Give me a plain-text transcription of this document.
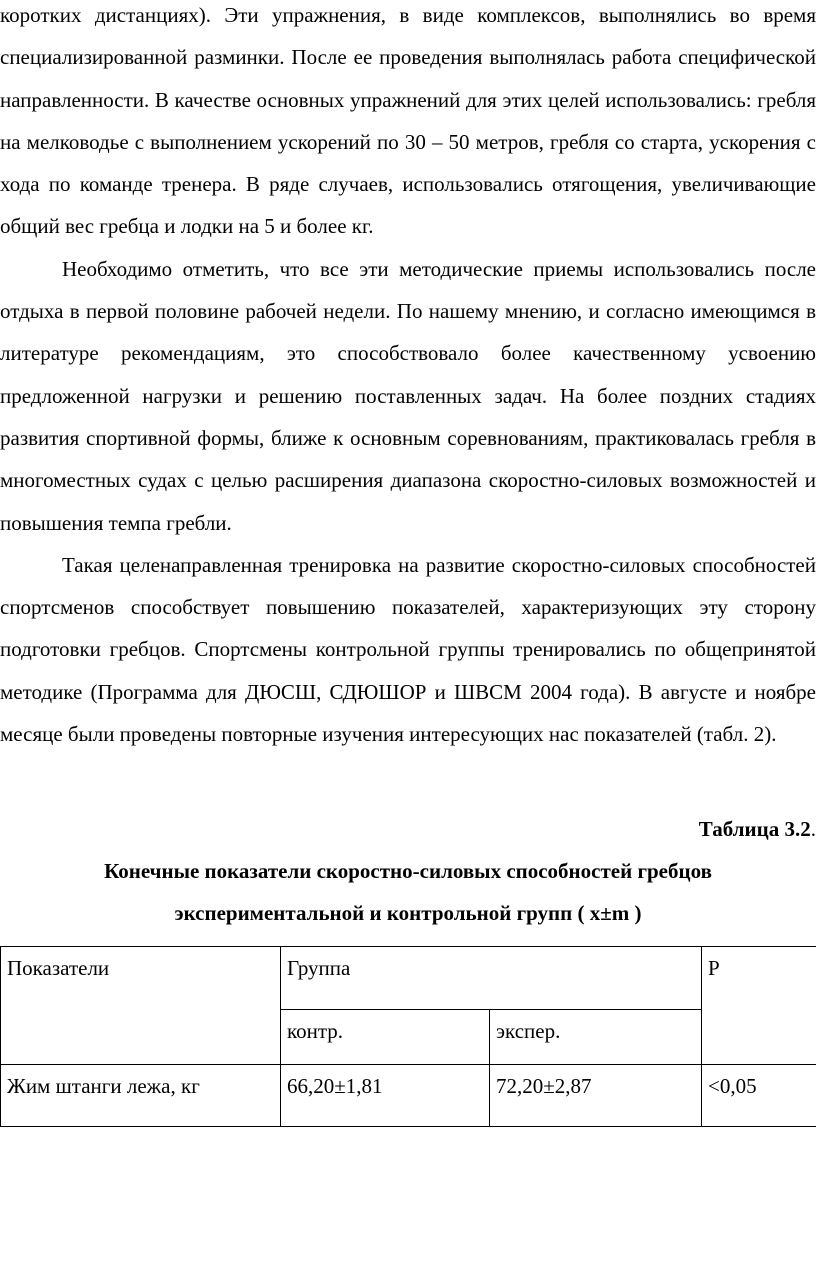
коротких дистанциях). Эти упражнения, в виде комплексов, выполнялись во время специализированной разминки. После ее проведения выполнялась работа специфической направленности. В качестве основных упражнений для этих целей использовались: гребля на мелководье с выполнением ускорений по 30 – 50 метров, гребля со старта, ускорения с хода по команде тренера. В ряде случаев, использовались отягощения, увеличивающие общий вес гребца и лодки на 5 и более кг.

Необходимо отметить, что все эти методические приемы использовались после отдыха в первой половине рабочей недели. По нашему мнению, и согласно имеющимся в литературе рекомендациям, это способствовало более качественному усвоению предложенной нагрузки и решению поставленных задач. На более поздних стадиях развития спортивной формы, ближе к основным соревнованиям, практиковалась гребля в многоместных судах с целью расширения диапазона скоростно-силовых возможностей и повышения темпа гребли.

Такая целенаправленная тренировка на развитие скоростно-силовых способностей спортсменов способствует повышению показателей, характеризующих эту сторону подготовки гребцов. Спортсмены контрольной группы тренировались по общепринятой методике (Программа для ДЮСШ, СДЮШОР и ШВСМ 2004 года). В августе и ноябре месяце были проведены повторные изучения интересующих нас показателей (табл. 2).

Таблица 3.2.

Конечные показатели скоростно-силовых способностей гребцов

экспериментальной и контрольной групп ( x±m )

Показатели	Группа		P
	контр.	экспер.	
Жим штанги лежа, кг	66,20±1,81	72,20±2,87	<0,05
